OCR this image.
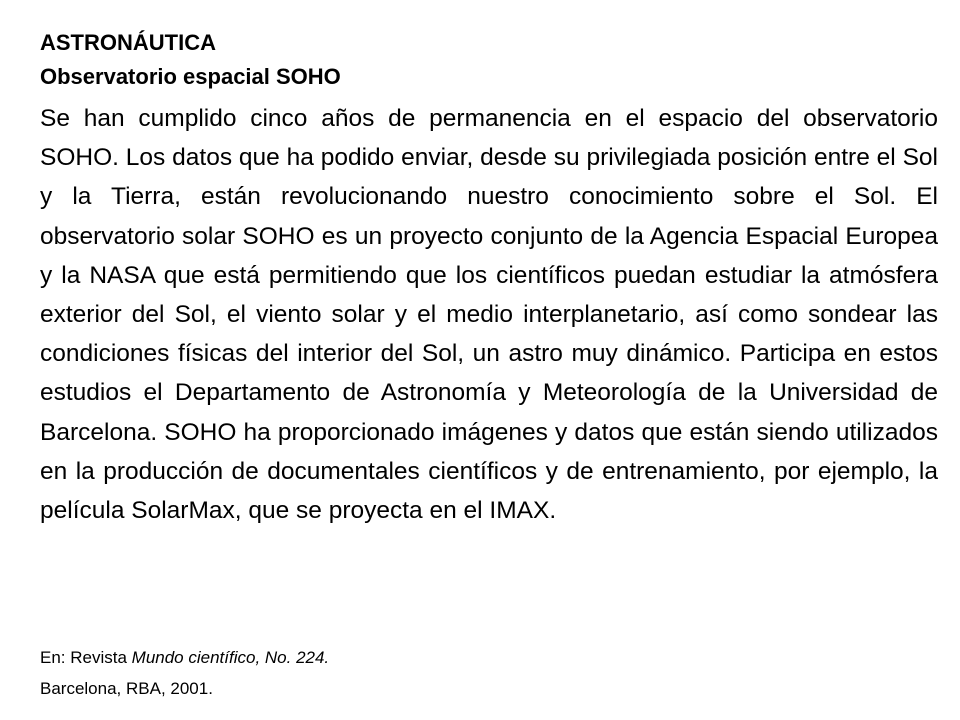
ASTRONÁUTICA

Observatorio espacial SOHO

Se han cumplido cinco años de permanencia en el espacio del observatorio SOHO. Los datos que ha podido enviar, desde su privilegiada posición entre el Sol y la Tierra, están revolucionando nuestro conocimiento sobre el Sol. El observatorio solar SOHO es un proyecto conjunto de la Agencia Espacial Europea y la NASA que está permitiendo que los científicos puedan estudiar la atmósfera exterior del Sol, el viento solar y el medio interplanetario, así como sondear las condiciones físicas del interior del Sol, un astro muy dinámico. Participa en estos estudios el Departamento de Astronomía y Meteorología de la Universidad de Barcelona. SOHO ha proporcionado imágenes y datos que están siendo utilizados en la producción de documentales científicos y de entrenamiento, por ejemplo, la película SolarMax, que se proyecta en el IMAX.

En: Revista Mundo científico, No. 224.

Barcelona, RBA, 2001.
